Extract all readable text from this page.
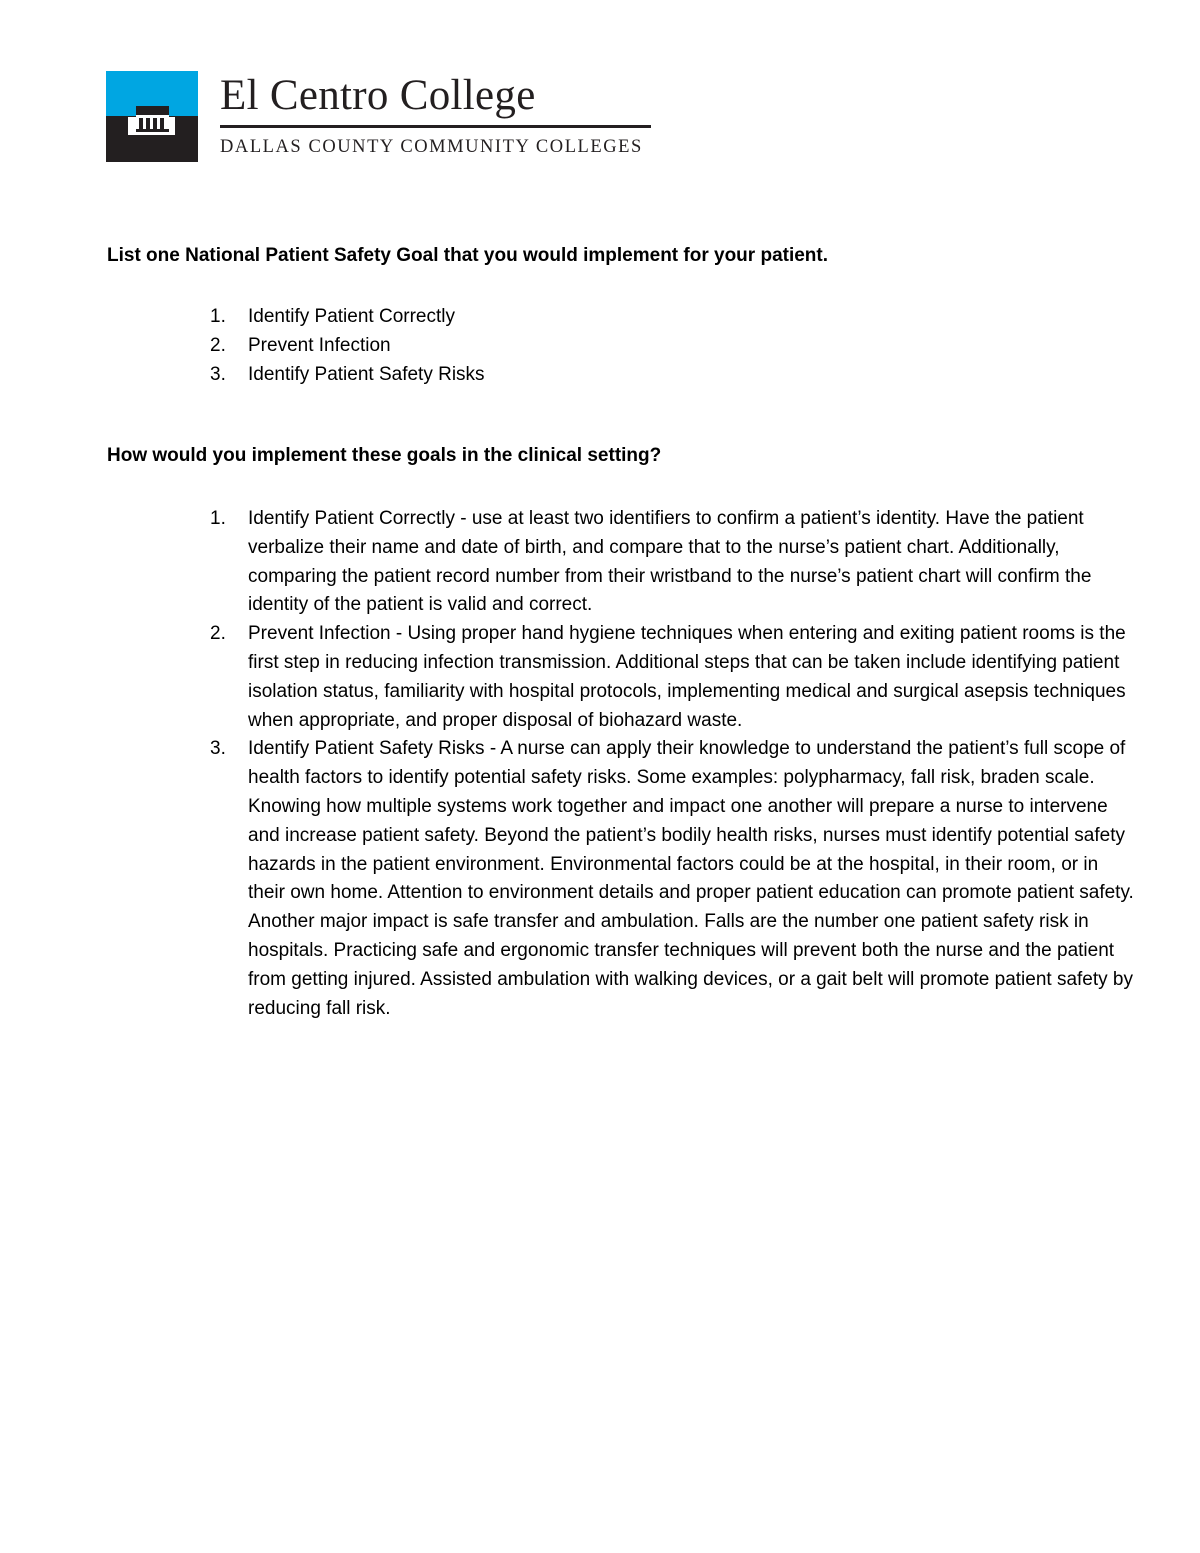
El Centro College
DALLAS COUNTY COMMUNITY COLLEGES

List one National Patient Safety Goal that you would implement for your patient.

1.	Identify Patient Correctly
2.	Prevent Infection
3.	Identify Patient Safety Risks

How would you implement these goals in the clinical setting?

1.	Identify Patient Correctly - use at least two identifiers to confirm a patient’s identity. Have the patient verbalize their name and date of birth, and compare that to the nurse’s patient chart. Additionally, comparing the patient record number from their wristband to the nurse’s patient chart will confirm the identity of the patient is valid and correct.
2.	Prevent Infection - Using proper hand hygiene techniques when entering and exiting patient rooms is the first step in reducing infection transmission. Additional steps that can be taken include identifying patient isolation status, familiarity with hospital protocols, implementing medical and surgical asepsis techniques when appropriate, and proper disposal of biohazard waste.
3.	Identify Patient Safety Risks - A nurse can apply their knowledge to understand the patient’s full scope of health factors to identify potential safety risks. Some examples: polypharmacy, fall risk, braden scale. Knowing how multiple systems work together and impact one another will prepare a nurse to intervene and increase patient safety. Beyond the patient’s bodily health risks, nurses must identify potential safety hazards in the patient environment. Environmental factors could be at the hospital, in their room, or in their own home. Attention to environment details and proper patient education can promote patient safety. Another major impact is safe transfer and ambulation. Falls are the number one patient safety risk in hospitals. Practicing safe and ergonomic transfer techniques will prevent both the nurse and the patient from getting injured. Assisted ambulation with walking devices, or a gait belt will promote patient safety by reducing fall risk.
